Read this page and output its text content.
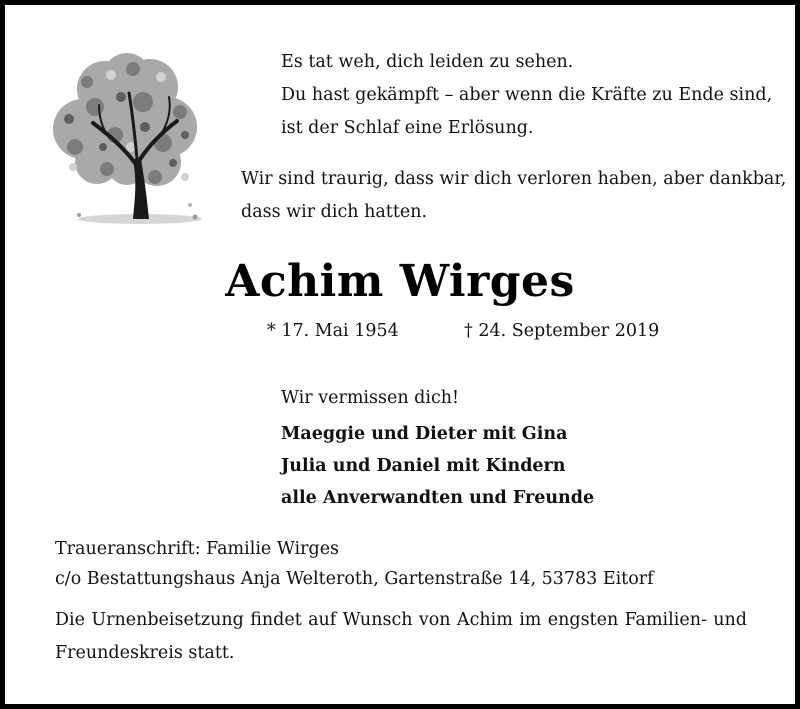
Es tat weh, dich leiden zu sehen.
Du hast gekämpft – aber wenn die Kräfte zu Ende sind,
ist der Schlaf eine Erlösung.
Wir sind traurig, dass wir dich verloren haben, aber dankbar,
dass wir dich hatten.
Achim Wirges
* 17. Mai 1954	† 24. September 2019
Wir vermissen dich!
Maeggie und Dieter mit Gina
Julia und Daniel mit Kindern
alle Anverwandten und Freunde
Traueranschrift: Familie Wirges
c/o Bestattungshaus Anja Welteroth, Gartenstraße 14, 53783 Eitorf
Die Urnenbeisetzung findet auf Wunsch von Achim im engsten Familien- und Freundeskreis statt.
